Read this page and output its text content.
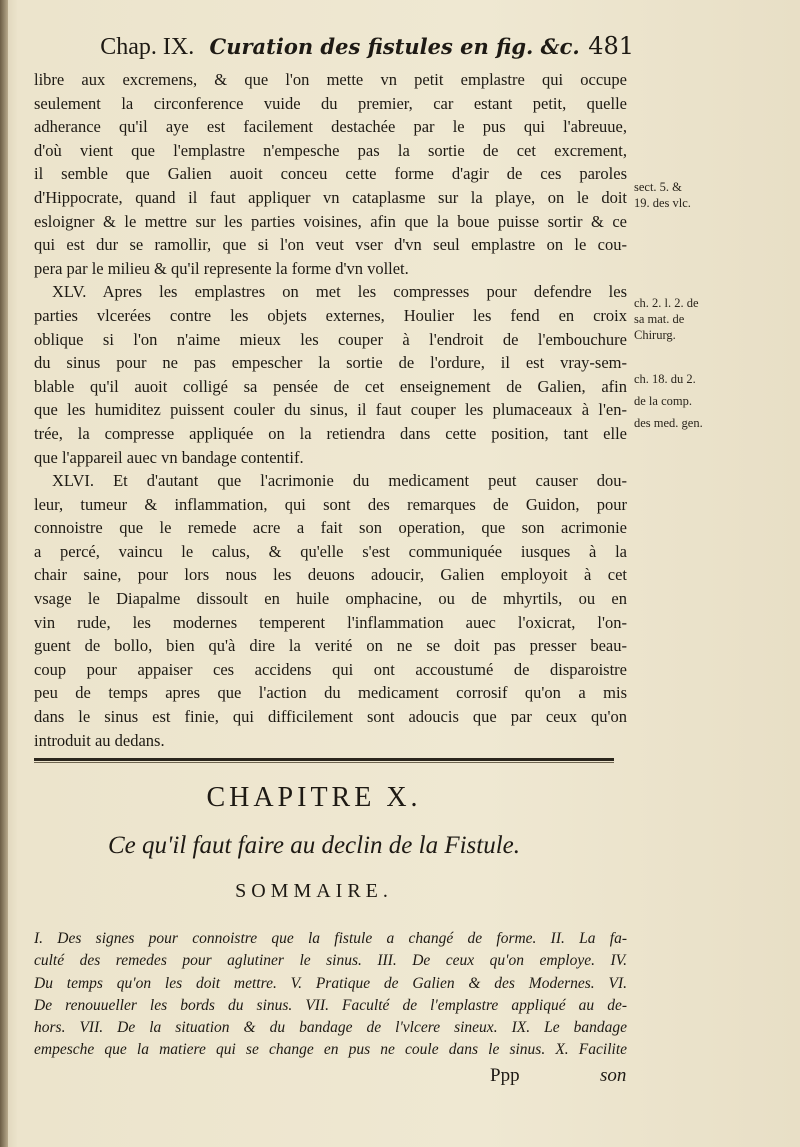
Chap. IX. Curation des fistules en fig. &c. 481
libre aux excremens, & que l'on mette vn petit emplastre qui occupe
seulement la circonference vuide du premier, car estant petit, quelle
adherance qu'il aye est facilement destachée par le pus qui l'abreuue,
d'où vient que l'emplastre n'empesche pas la sortie de cet excrement,
il semble que Galien auoit conceu cette forme d'agir de ces paroles
d'Hippocrate, quand il faut appliquer vn cataplasme sur la playe, on le doit
esloigner & le mettre sur les parties voisines, afin que la boue puisse sortir & ce
qui est dur se ramollir, que si l'on veut vser d'vn seul emplastre on le cou-
pera par le milieu & qu'il represente la forme d'vn vollet.
XLV. Apres les emplastres on met les compresses pour defendre les
parties vlcerées contre les objets externes, Houlier les fend en croix
oblique si l'on n'aime mieux les couper à l'endroit de l'embouchure
du sinus pour ne pas empescher la sortie de l'ordure, il est vray-sem-
blable qu'il auoit colligé sa pensée de cet enseignement de Galien, afin
que les humiditez puissent couler du sinus, il faut couper les plumaceaux à l'en-
trée, la compresse appliquée on la retiendra dans cette position, tant elle
que l'appareil auec vn bandage contentif.
XLVI. Et d'autant que l'acrimonie du medicament peut causer dou-
leur, tumeur & inflammation, qui sont des remarques de Guidon, pour
connoistre que le remede acre a fait son operation, que son acrimonie
a percé, vaincu le calus, & qu'elle s'est communiquée iusques à la
chair saine, pour lors nous les deuons adoucir, Galien employoit à cet
vsage le Diapalme dissoult en huile omphacine, ou de mhyrtils, ou en
vin rude, les modernes temperent l'inflammation auec l'oxicrat, l'on-
guent de bollo, bien qu'à dire la verité on ne se doit pas presser beau-
coup pour appaiser ces accidens qui ont accoustumé de disparoistre
peu de temps apres que l'action du medicament corrosif qu'on a mis
dans le sinus est finie, qui difficilement sont adoucis que par ceux qu'on
introduit au dedans.
sect. 5. &
19. des vlc.
ch. 2. l. 2. de
sa mat. de
Chirurg.
ch. 18. du 2.
de la comp.
des med. gen.
CHAPITRE X.
Ce qu'il faut faire au declin de la Fistule.
SOMMAIRE.
I. Des signes pour connoistre que la fistule a changé de forme. II. La fa-
culté des remedes pour aglutiner le sinus. III. De ceux qu'on employe. IV.
Du temps qu'on les doit mettre. V. Pratique de Galien & des Modernes. VI.
De renouueller les bords du sinus. VII. Faculté de l'emplastre appliqué au de-
hors. VII. De la situation & du bandage de l'vlcere sineux. IX. Le bandage
empesche que la matiere qui se change en pus ne coule dans le sinus. X. Facilite
Ppp	son
